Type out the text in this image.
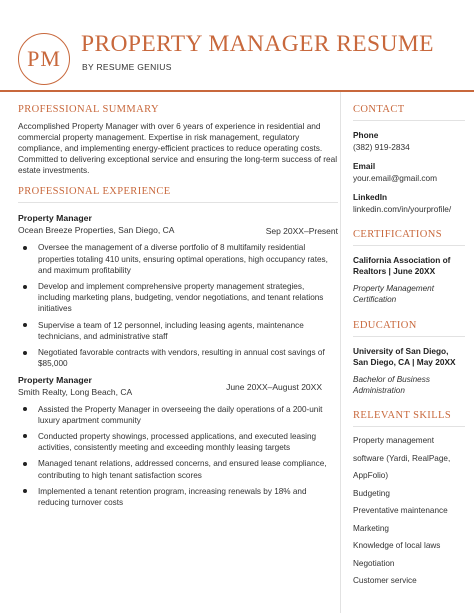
PM
PROPERTY MANAGER RESUME
BY RESUME GENIUS
PROFESSIONAL SUMMARY
Accomplished Property Manager with over 6 years of experience in residential and commercial property management. Expertise in risk management, regulatory compliance, and implementing energy-efficient practices to reduce operating costs. Committed to delivering exceptional service and ensuring the long-term success of real estate investments.
PROFESSIONAL EXPERIENCE
Property Manager
Sep 20XX–Present
Ocean Breeze Properties, San Diego, CA
Oversee the management of a diverse portfolio of 8 multifamily residential properties totaling 410 units, ensuring optimal operations, high occupancy rates, and maximum profitability
Develop and implement comprehensive property management strategies, including marketing plans, budgeting, vendor negotiations, and tenant relations initiatives
Supervise a team of 12 personnel, including leasing agents, maintenance technicians, and administrative staff
Negotiated favorable contracts with vendors, resulting in annual cost savings of $85,000
Property Manager
June 20XX–August 20XX
Smith Realty, Long Beach, CA
Assisted the Property Manager in overseeing the daily operations of a 200-unit luxury apartment community
Conducted property showings, processed applications, and executed leasing activities, consistently meeting and exceeding monthly leasing targets
Managed tenant relations, addressed concerns, and ensured lease compliance, contributing to high tenant satisfaction scores
Implemented a tenant retention program, increasing renewals by 18% and reducing turnover costs
CONTACT
Phone
(382) 919-2834
Email
your.email@gmail.com
LinkedIn
linkedin.com/in/yourprofile/
CERTIFICATIONS
California Association of Realtors | June 20XX
Property Management Certification
EDUCATION
University of San Diego, San Diego, CA | May 20XX
Bachelor of Business Administration
RELEVANT SKILLS
Property management
software (Yardi, RealPage,
AppFolio)
Budgeting
Preventative maintenance
Marketing
Knowledge of local laws
Negotiation
Customer service
